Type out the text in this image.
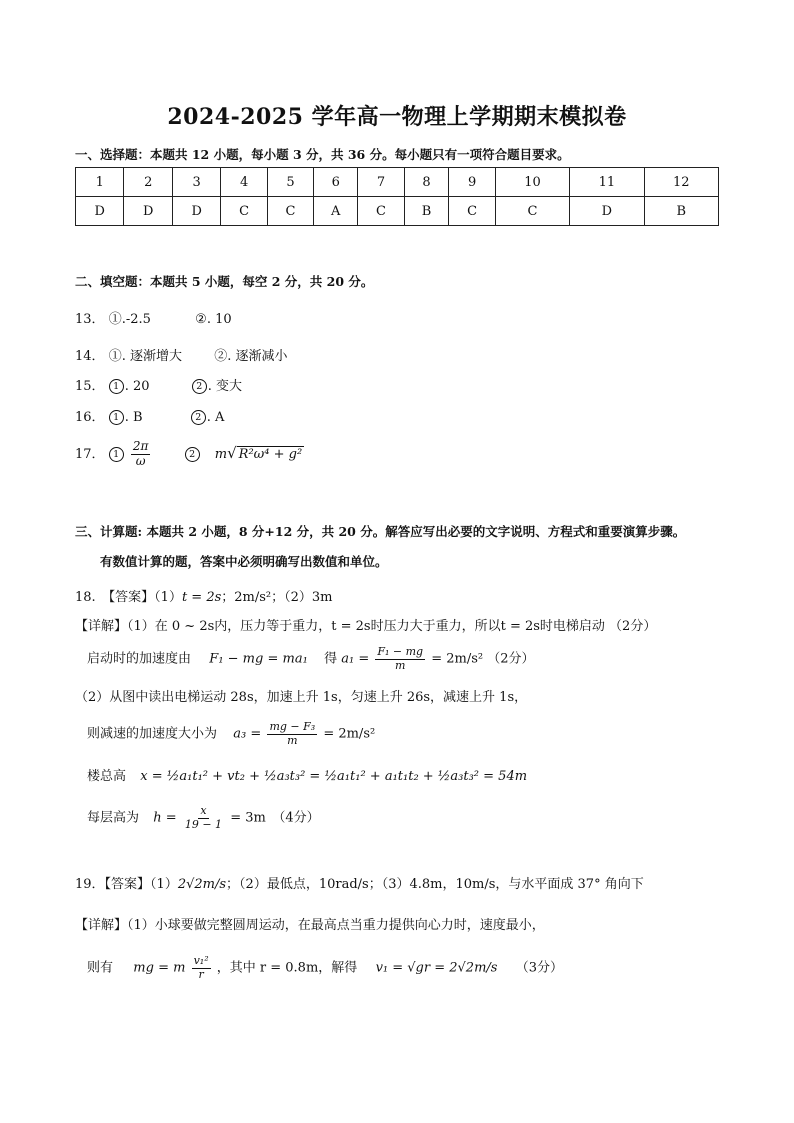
2024-2025 学年高一物理上学期期末模拟卷
一、选择题：本题共 12 小题，每小题 3 分，共 36 分。每小题只有一项符合题目要求。
1	2	3	4	5	6	7	8	9	10	11	12
D	D	D	C	C	A	C	B	C	C	D	B
二、填空题：本题共 5 小题，每空 2 分，共 20 分。
13． ①.-2.5	②. 10
14． ①. 逐渐增大 ②. 逐渐减小
15． 1 . 20	2 . 变大
16． 1 . B	2 . A
17． $1 \frac{2\pi}{\omega}$	2 m√ R²ω⁴ + g²
三、计算题: 本题共 2 小题，8 分+12 分，共 20 分。解答应写出必要的文字说明、方程式和重要演算步骤。
有数值计算的题，答案中必须明确写出数值和单位。
18.　【答案】（1）t = 2s；2m/s²；（2）3m
【详解】（1）在 0 ~ 2s内，压力等于重力，t = 2s时压力大于重力，所以t = 2s时电梯启动 （2分）
启动时的加速度由 F₁ − mg = ma₁ 得 $a_1 = \frac{\text{F₁ − mg}}{m} = 2m/s^2$ （2分）
（2）从图中读出电梯运动 28s，加速上升 1s，匀速上升 26s，减速上升 1s，
则减速的加速度大小为 $a_3 = \frac{\text{mg − F₃}}{m} = 2m/s^2$
楼总高 x = ½a₁t₁² + vt₂ + ½a₃t₃² = ½a₁t₁² + a₁t₁t₂ + ½a₃t₃² = 54m
每层高为 $h = \frac{x}{19 - 1} = 3m$　（4分）
19．【答案】（1）2√2m/s；（2）最低点，10rad/s；（3）4.8m，10m/s，与水平面成 37° 角向下
【详解】（1）小球要做完整圆周运动，在最高点当重力提供向心力时，速度最小，
则有 mg = m $\frac{\text{v₁²}}{r}$ ，其中 r = 0.8m，解得 v₁ = √gr = 2√2m/s （3分）
